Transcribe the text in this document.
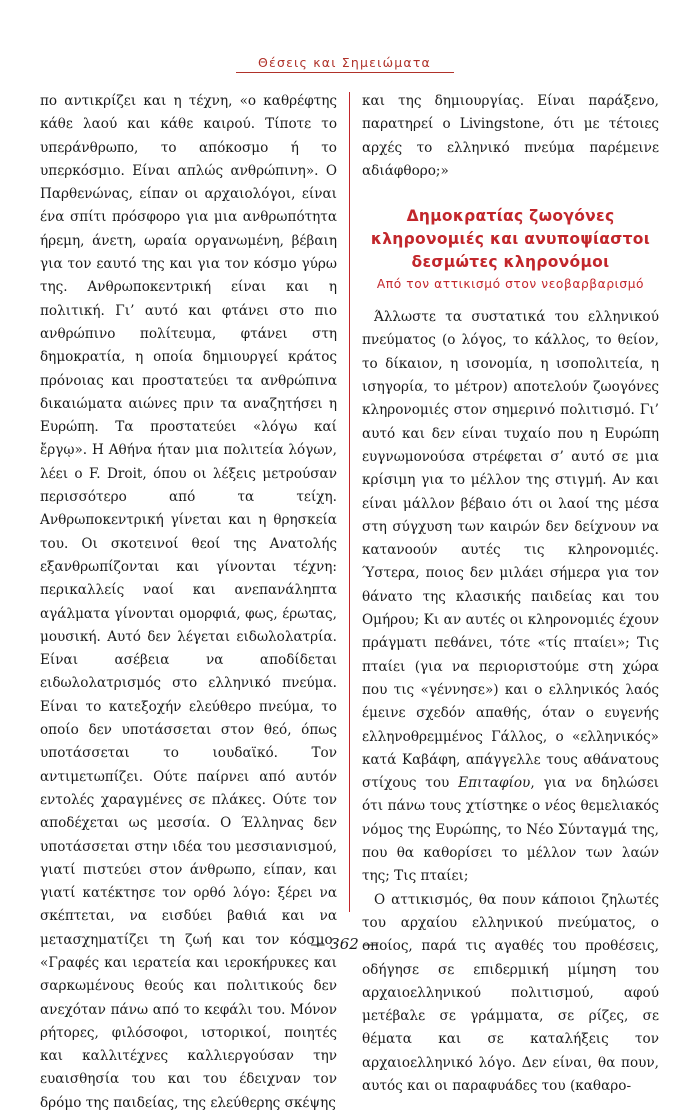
Θέσεις και Σημειώματα

πο αντικρίζει και η τέχνη, «ο καθρέφτης κάθε λαού και κάθε καιρού. Τίποτε το υπεράνθρωπο, το απόκοσμο ή το υπερκόσμιο. Είναι απλώς ανθρώπινη». Ο Παρθενώνας, είπαν οι αρχαιολόγοι, είναι ένα σπίτι πρόσφορο για μια ανθρωπότητα ήρεμη, άνετη, ωραία οργανωμένη, βέβαιη για τον εαυτό της και για τον κόσμο γύρω της. Ανθρωποκεντρική είναι και η πολιτική. Γι’ αυτό και φτάνει στο πιο ανθρώπινο πολίτευμα, φτάνει στη δημοκρατία, η οποία δημιουργεί κράτος πρόνοιας και προστατεύει τα ανθρώπινα δικαιώματα αιώνες πριν τα αναζητήσει η Ευρώπη. Τα προστατεύει «λόγω καί ἔργῳ». Η Αθήνα ήταν μια πολιτεία λόγων, λέει ο F. Droit, όπου οι λέξεις μετρούσαν περισσότερο από τα τείχη. Ανθρωποκεντρική γίνεται και η θρησκεία του. Οι σκοτεινοί θεοί της Ανατολής εξανθρωπίζονται και γίνονται τέχνη: περικαλλείς ναοί και ανεπανάληπτα αγάλματα γίνονται ομορφιά, φως, έρωτας, μουσική. Αυτό δεν λέγεται ειδωλολατρία. Είναι ασέβεια να αποδίδεται ειδωλολατρισμός στο ελληνικό πνεύμα. Είναι το κατεξοχήν ελεύθερο πνεύμα, το οποίο δεν υποτάσσεται στον θεό, όπως υποτάσσεται το ιουδαϊκό. Τον αντιμετωπίζει. Ούτε παίρνει από αυτόν εντολές χαραγμένες σε πλάκες. Ούτε τον αποδέχεται ως μεσσία. Ο Έλληνας δεν υποτάσσεται στην ιδέα του μεσσιανισμού, γιατί πιστεύει στον άνθρωπο, είπαν, και γιατί κατέκτησε τον ορθό λόγο: ξέρει να σκέπτεται, να εισδύει βαθιά και να μετασχηματίζει τη ζωή και τον κόσμο. «Γραφές και ιερατεία και ιεροκήρυκες και σαρκωμένους θεούς και πολιτικούς δεν ανεχόταν πάνω από το κεφάλι του. Μόνον ρήτορες, φιλόσοφοι, ιστορικοί, ποιητές και καλλιτέχνες καλλιεργούσαν την ευαισθησία του και του έδειχναν τον δρόμο της παιδείας, της ελεύθερης σκέψης

και της δημιουργίας. Είναι παράξενο, παρατηρεί ο Livingstone, ότι με τέτοιες αρχές το ελληνικό πνεύμα παρέμεινε αδιάφθορο;»

Δημοκρατίας ζωογόνες
κληρονομιές και ανυποψίαστοι
δεσμώτες κληρονόμοι
Από τον αττικισμό στον νεοβαρβαρισμό

Άλλωστε τα συστατικά του ελληνικού πνεύματος (ο λόγος, το κάλλος, το θείον, το δίκαιον, η ισονομία, η ισοπολιτεία, η ισηγορία, το μέτρον) αποτελούν ζωογόνες κληρονομιές στον σημερινό πολιτισμό. Γι’ αυτό και δεν είναι τυχαίο που η Ευρώπη ευγνωμονούσα στρέφεται σ’ αυτό σε μια κρίσιμη για το μέλλον της στιγμή. Αν και είναι μάλλον βέβαιο ότι οι λαοί της μέσα στη σύγχυση των καιρών δεν δείχνουν να κατανοούν αυτές τις κληρονομιές. Ύστερα, ποιος δεν μιλάει σήμερα για τον θάνατο της κλασικής παιδείας και του Ομήρου; Κι αν αυτές οι κληρονομιές έχουν πράγματι πεθάνει, τότε «τίς πταίει»; Τις πταίει (για να περιοριστούμε στη χώρα που τις «γέννησε») και ο ελληνικός λαός έμεινε σχεδόν απαθής, όταν ο ευγενής ελληνοθρεμμένος Γάλλος, ο «ελληνικός» κατά Καβάφη, απάγγελλε τους αθάνατους στίχους του Επιταφίου, για να δηλώσει ότι πάνω τους χτίστηκε ο νέος θεμελιακός νόμος της Ευρώπης, το Νέο Σύνταγμά της, που θα καθορίσει το μέλλον των λαών της; Τις πταίει;

Ο αττικισμός, θα πουν κάποιοι ζηλωτές του αρχαίου ελληνικού πνεύματος, ο οποίος, παρά τις αγαθές του προθέσεις, οδήγησε σε επιδερμική μίμηση του αρχαιοελληνικού πολιτισμού, αφού μετέβαλε σε γράμματα, σε ρίζες, σε θέματα και σε καταλήξεις τον αρχαιοελληνικό λόγο. Δεν είναι, θα πουν, αυτός και οι παραφυάδες του (καθαρο-

— 362 —
